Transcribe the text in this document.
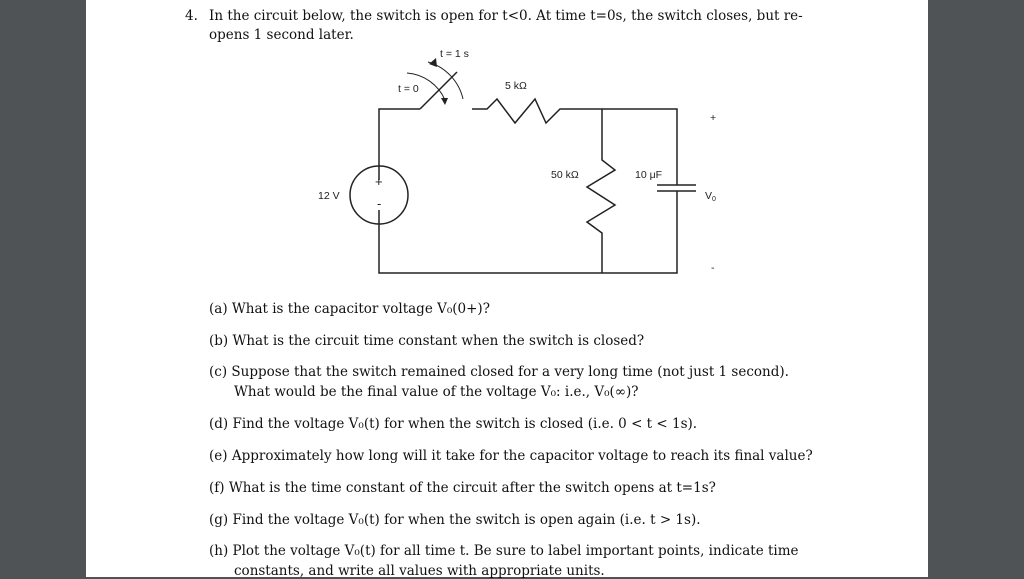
4. In the circuit below, the switch is open for t<0. At time t=0s, the switch closes, but re-
opens 1 second later.
t = 1 s
t = 0	5 kΩ
50 kΩ	10 μF
12 V
+
-
+
V0
-
(a) What is the capacitor voltage V₀(0+)?
(b) What is the circuit time constant when the switch is closed?
(c) Suppose that the switch remained closed for a very long time (not just 1 second).
What would be the final value of the voltage V₀: i.e., V₀(∞)?
(d) Find the voltage V₀(t) for when the switch is closed (i.e. 0 < t < 1s).
(e) Approximately how long will it take for the capacitor voltage to reach its final value?
(f) What is the time constant of the circuit after the switch opens at t=1s?
(g) Find the voltage V₀(t) for when the switch is open again (i.e. t > 1s).
(h) Plot the voltage V₀(t) for all time t. Be sure to label important points, indicate time
constants, and write all values with appropriate units.
